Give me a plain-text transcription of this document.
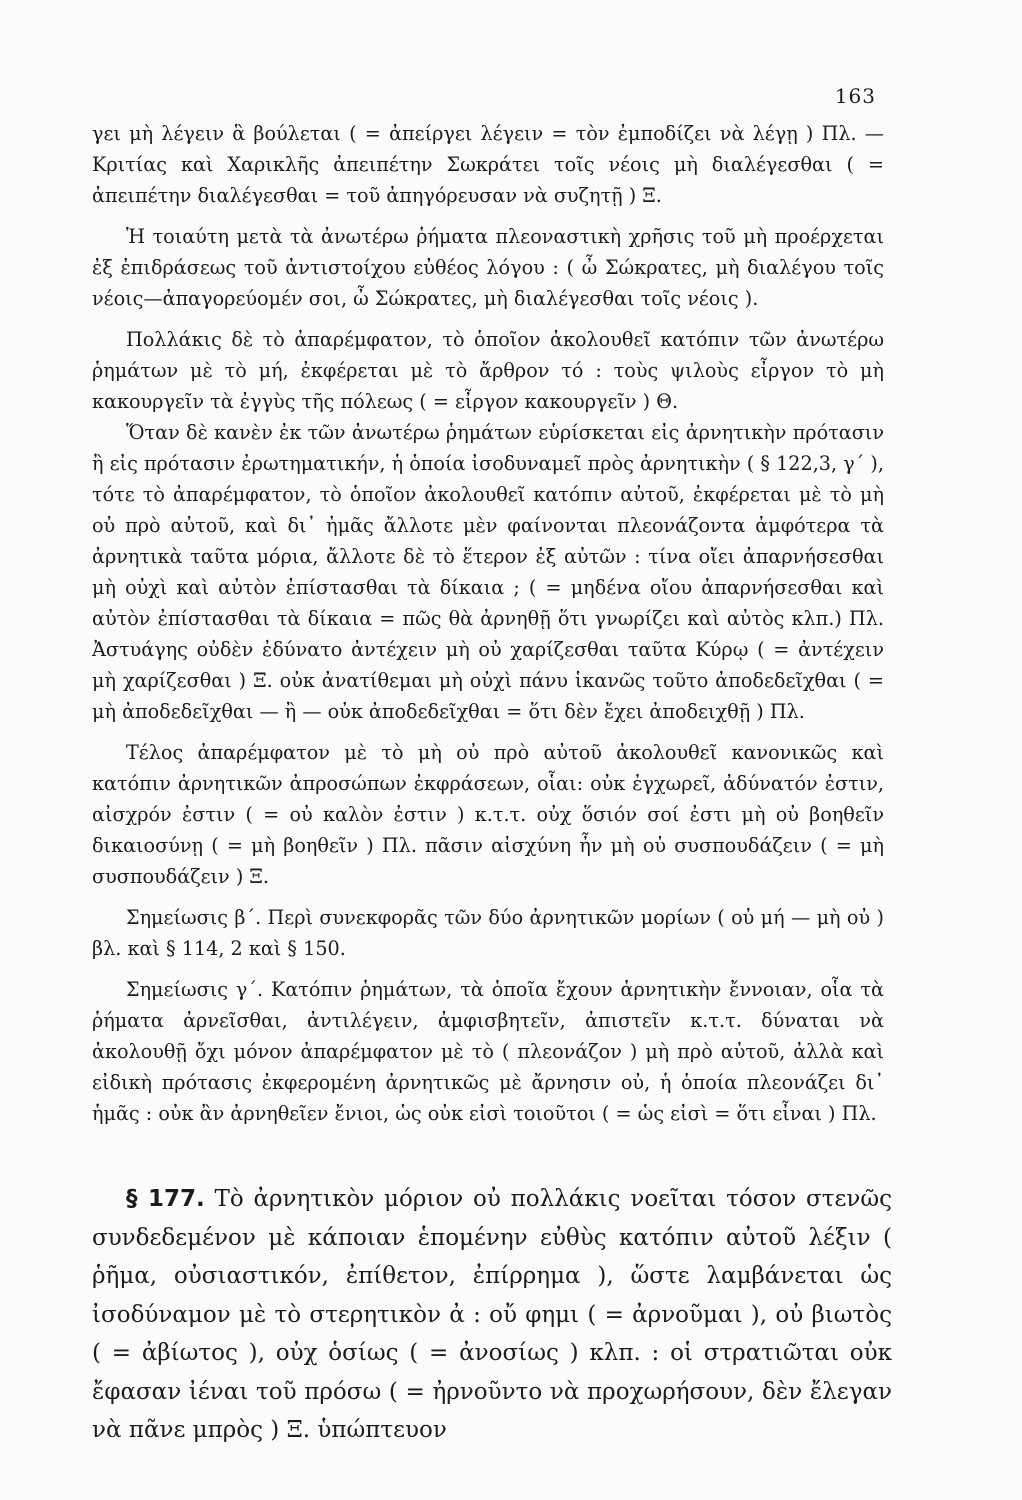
163

γει μὴ λέγειν ἃ βούλεται ( = ἀπείργει λέγειν = τὸν ἐμποδίζει νὰ λέγῃ ) Πλ. — Κριτίας καὶ Χαρικλῆς ἀπειπέτην Σωκράτει τοῖς νέοις μὴ διαλέγεσθαι ( = ἀπειπέτην διαλέγεσθαι = τοῦ ἀπηγόρευσαν νὰ συζητῇ ) Ξ.

Ἡ τοιαύτη μετὰ τὰ ἀνωτέρω ῥήματα πλεοναστικὴ χρῆσις τοῦ μὴ προέρχεται ἐξ ἐπιδράσεως τοῦ ἀντιστοίχου εὐθέος λόγου : ( ὦ Σώκρατες, μὴ διαλέγου τοῖς νέοις—ἀπαγορεύομέν σοι, ὦ Σώκρατες, μὴ διαλέγεσθαι τοῖς νέοις ).

Πολλάκις δὲ τὸ ἀπαρέμφατον, τὸ ὁποῖον ἀκολουθεῖ κατόπιν τῶν ἀνωτέρω ῥημάτων μὲ τὸ μή, ἐκφέρεται μὲ τὸ ἄρθρον τό : τοὺς ψιλοὺς εἶργον τὸ μὴ κακουργεῖν τὰ ἐγγὺς τῆς πόλεως ( = εἶργον κακουργεῖν ) Θ.

Ὅταν δὲ κανὲν ἐκ τῶν ἀνωτέρω ῥημάτων εὑρίσκεται εἰς ἀρνητικὴν πρότασιν ἢ εἰς πρότασιν ἐρωτηματικήν, ἡ ὁποία ἰσοδυναμεῖ πρὸς ἀρνητικὴν ( § 122,3, γ΄ ), τότε τὸ ἀπαρέμφατον, τὸ ὁποῖον ἀκολουθεῖ κατόπιν αὐτοῦ, ἐκφέρεται μὲ τὸ μὴ οὐ πρὸ αὐτοῦ, καὶ δι᾽ ἡμᾶς ἄλλοτε μὲν φαίνονται πλεονάζοντα ἀμφότερα τὰ ἀρνητικὰ ταῦτα μόρια, ἄλλοτε δὲ τὸ ἕτερον ἐξ αὐτῶν : τίνα οἴει ἀπαρνήσεσθαι μὴ οὐχὶ καὶ αὐτὸν ἐπίστασθαι τὰ δίκαια ; ( = μηδένα οἴου ἀπαρνήσεσθαι καὶ αὐτὸν ἐπίστασθαι τὰ δίκαια = πῶς θὰ ἀρνηθῇ ὅτι γνωρίζει καὶ αὐτὸς κλπ.) Πλ. Ἀστυάγης οὐδὲν ἐδύνατο ἀντέχειν μὴ οὐ χαρίζεσθαι ταῦτα Κύρῳ ( = ἀντέχειν μὴ χαρίζεσθαι ) Ξ. οὐκ ἀνατίθεμαι μὴ οὐχὶ πάνυ ἱκανῶς τοῦτο ἀποδεδεῖχθαι ( = μὴ ἀποδεδεῖχθαι — ἢ — οὐκ ἀποδεδεῖχθαι = ὅτι δὲν ἔχει ἀποδειχθῇ ) Πλ.

Τέλος ἀπαρέμφατον μὲ τὸ μὴ οὐ πρὸ αὐτοῦ ἀκολουθεῖ κανονικῶς καὶ κατόπιν ἀρνητικῶν ἀπροσώπων ἐκφράσεων, οἷαι: οὐκ ἐγχωρεῖ, ἀδύνατόν ἐστιν, αἰσχρόν ἐστιν ( = οὐ καλὸν ἐστιν ) κ.τ.τ. οὐχ ὅσιόν σοί ἐστι μὴ οὐ βοηθεῖν δικαιοσύνῃ ( = μὴ βοηθεῖν ) Πλ. πᾶσιν αἰσχύνη ἦν μὴ οὐ συσπουδάζειν ( = μὴ συσπουδάζειν ) Ξ.

Σημείωσις β΄. Περὶ συνεκφορᾶς τῶν δύο ἀρνητικῶν μορίων ( οὐ μή — μὴ οὐ ) βλ. καὶ § 114, 2 καὶ § 150.

Σημείωσις γ΄. Κατόπιν ῥημάτων, τὰ ὁποῖα ἔχουν ἀρνητικὴν ἔννοιαν, οἷα τὰ ῥήματα ἀρνεῖσθαι, ἀντιλέγειν, ἀμφισβητεῖν, ἀπιστεῖν κ.τ.τ. δύναται νὰ ἀκολουθῇ ὄχι μόνον ἀπαρέμφατον μὲ τὸ ( πλεονάζον ) μὴ πρὸ αὐτοῦ, ἀλλὰ καὶ εἰδικὴ πρότασις ἐκφερομένη ἀρνητικῶς μὲ ἄρνησιν οὐ, ἡ ὁποία πλεονάζει δι᾽ ἡμᾶς : οὐκ ἂν ἀρνηθεῖεν ἔνιοι, ὡς οὐκ εἰσὶ τοιοῦτοι ( = ὡς εἰσὶ = ὅτι εἶναι ) Πλ.

§ 177. Τὸ ἀρνητικὸν μόριον οὐ πολλάκις νοεῖται τόσον στενῶς συνδεδεμένον μὲ κάποιαν ἑπομένην εὐθὺς κατόπιν αὐτοῦ λέξιν ( ῥῆμα, οὐσιαστικόν, ἐπίθετον, ἐπίρρημα ), ὥστε λαμβάνεται ὡς ἰσοδύναμον μὲ τὸ στερητικὸν ἀ : οὔ φημι ( = ἀρνοῦμαι ), οὐ βιωτὸς ( = ἀβίωτος ), οὐχ ὁσίως ( = ἀνοσίως ) κλπ. : οἱ στρατιῶται οὐκ ἔφασαν ἰέναι τοῦ πρόσω ( = ἠρνοῦντο νὰ προχωρήσουν, δὲν ἔλεγαν νὰ πᾶνε μπρὸς ) Ξ. ὑπώπτευον
